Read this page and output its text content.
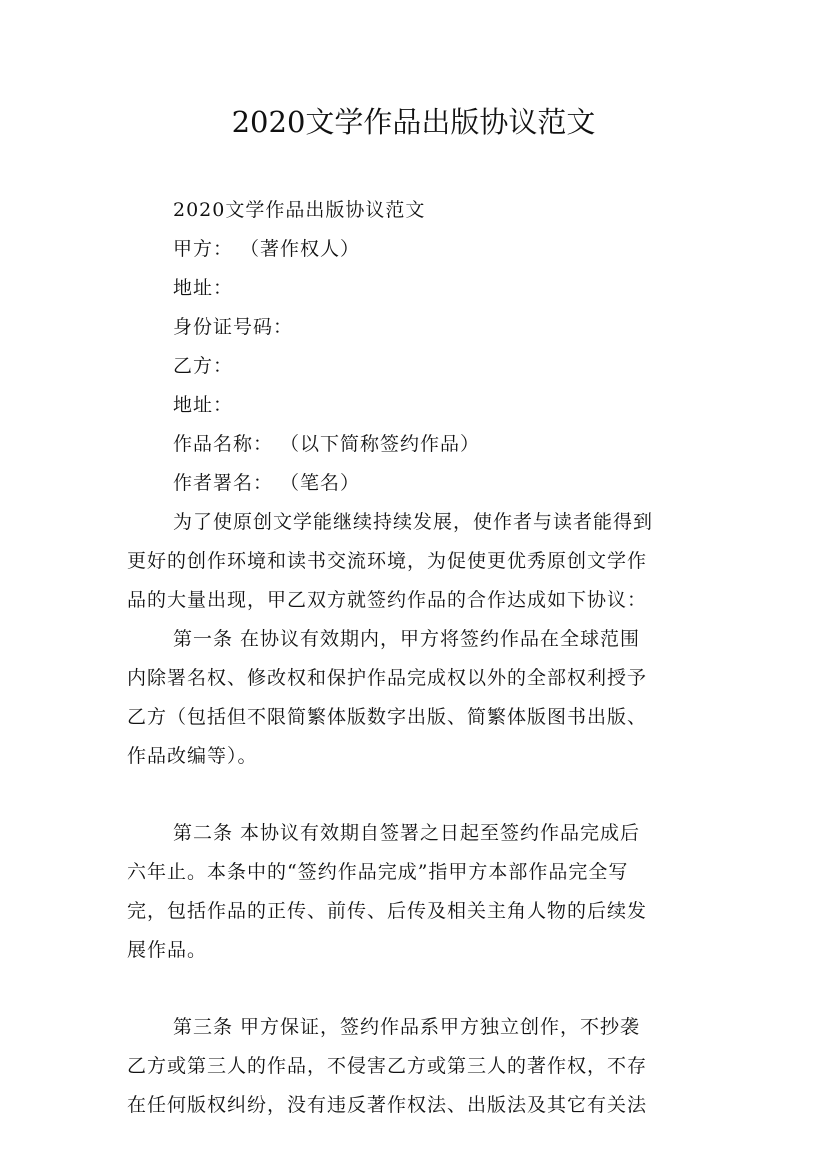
2020文学作品出版协议范文
2020文学作品出版协议范文
甲方： （著作权人）
地址：
身份证号码：
乙方：
地址：
作品名称： （以下简称签约作品）
作者署名： （笔名）
为了使原创文学能继续持续发展，使作者与读者能得到
更好的创作环境和读书交流环境，为促使更优秀原创文学作
品的大量出现，甲乙双方就签约作品的合作达成如下协议：
第一条 在协议有效期内，甲方将签约作品在全球范围
内除署名权、修改权和保护作品完成权以外的全部权利授予
乙方（包括但不限简繁体版数字出版、简繁体版图书出版、
作品改编等）。
第二条 本协议有效期自签署之日起至签约作品完成后
六年止。本条中的“签约作品完成”指甲方本部作品完全写
完，包括作品的正传、前传、后传及相关主角人物的后续发
展作品。
第三条 甲方保证，签约作品系甲方独立创作，不抄袭
乙方或第三人的作品，不侵害乙方或第三人的著作权，不存
在任何版权纠纷，没有违反著作权法、出版法及其它有关法
